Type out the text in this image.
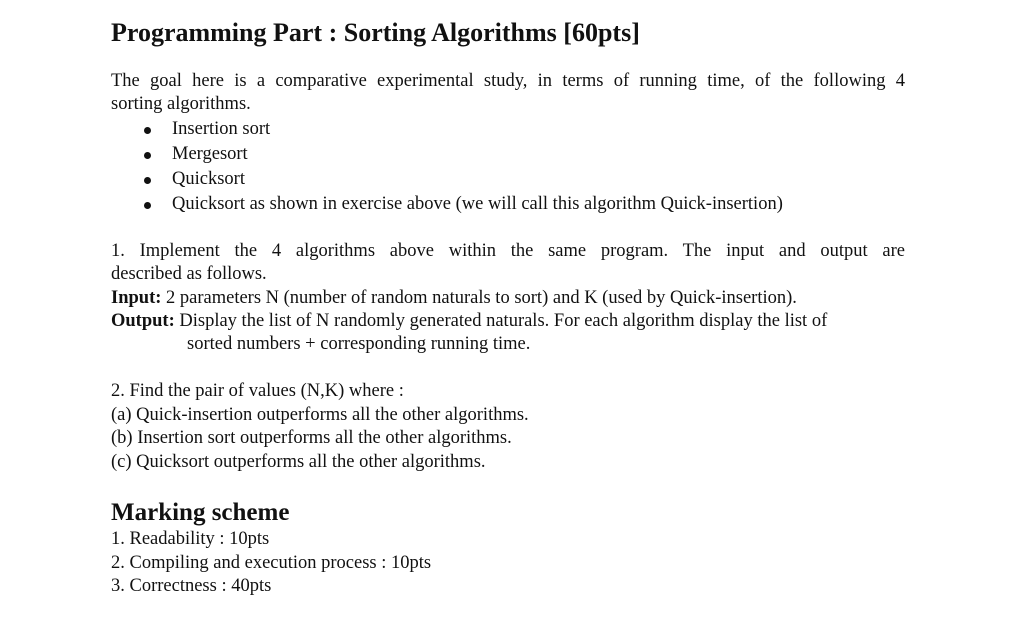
Programming Part : Sorting Algorithms [60pts]
The goal here is a comparative experimental study, in terms of running time, of the following 4
sorting algorithms.
Insertion sort
Mergesort
Quicksort
Quicksort as shown in exercise above (we will call this algorithm Quick-insertion)
1. Implement the 4 algorithms above within the same program. The input and output are
described as follows.
Input: 2 parameters N (number of random naturals to sort) and K (used by Quick-insertion).
Output: Display the list of N randomly generated naturals. For each algorithm display the list of
sorted numbers + corresponding running time.
2. Find the pair of values (N,K) where :
(a) Quick-insertion outperforms all the other algorithms.
(b) Insertion sort outperforms all the other algorithms.
(c) Quicksort outperforms all the other algorithms.
Marking scheme
1. Readability : 10pts
2. Compiling and execution process : 10pts
3. Correctness : 40pts
